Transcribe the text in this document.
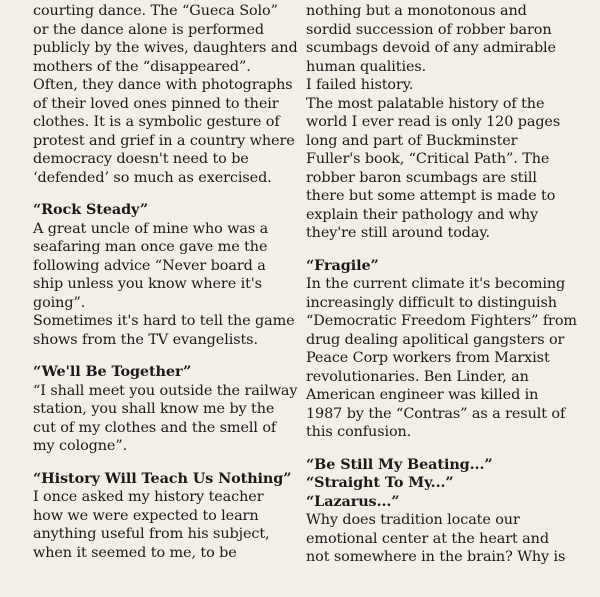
courting dance. The “Gueca Solo”
or the dance alone is performed
publicly by the wives, daughters and
mothers of the “disappeared”.
Often, they dance with photographs
of their loved ones pinned to their
clothes. It is a symbolic gesture of
protest and grief in a country where
democracy doesn't need to be
‘defended’ so much as exercised.
“Rock Steady”
A great uncle of mine who was a
seafaring man once gave me the
following advice “Never board a
ship unless you know where it's
going”.
Sometimes it's hard to tell the game
shows from the TV evangelists.
“We'll Be Together”
“I shall meet you outside the railway
station, you shall know me by the
cut of my clothes and the smell of
my cologne”.
“History Will Teach Us Nothing”
I once asked my history teacher
how we were expected to learn
anything useful from his subject,
when it seemed to me, to be
nothing but a monotonous and
sordid succession of robber baron
scumbags devoid of any admirable
human qualities.
I failed history.
The most palatable history of the
world I ever read is only 120 pages
long and part of Buckminster
Fuller's book, “Critical Path”. The
robber baron scumbags are still
there but some attempt is made to
explain their pathology and why
they're still around today.
“Fragile”
In the current climate it's becoming
increasingly difficult to distinguish
“Democratic Freedom Fighters” from
drug dealing apolitical gangsters or
Peace Corp workers from Marxist
revolutionaries. Ben Linder, an
American engineer was killed in
1987 by the “Contras” as a result of
this confusion.
“Be Still My Beating...”
“Straight To My...”
“Lazarus...”
Why does tradition locate our
emotional center at the heart and
not somewhere in the brain? Why is
